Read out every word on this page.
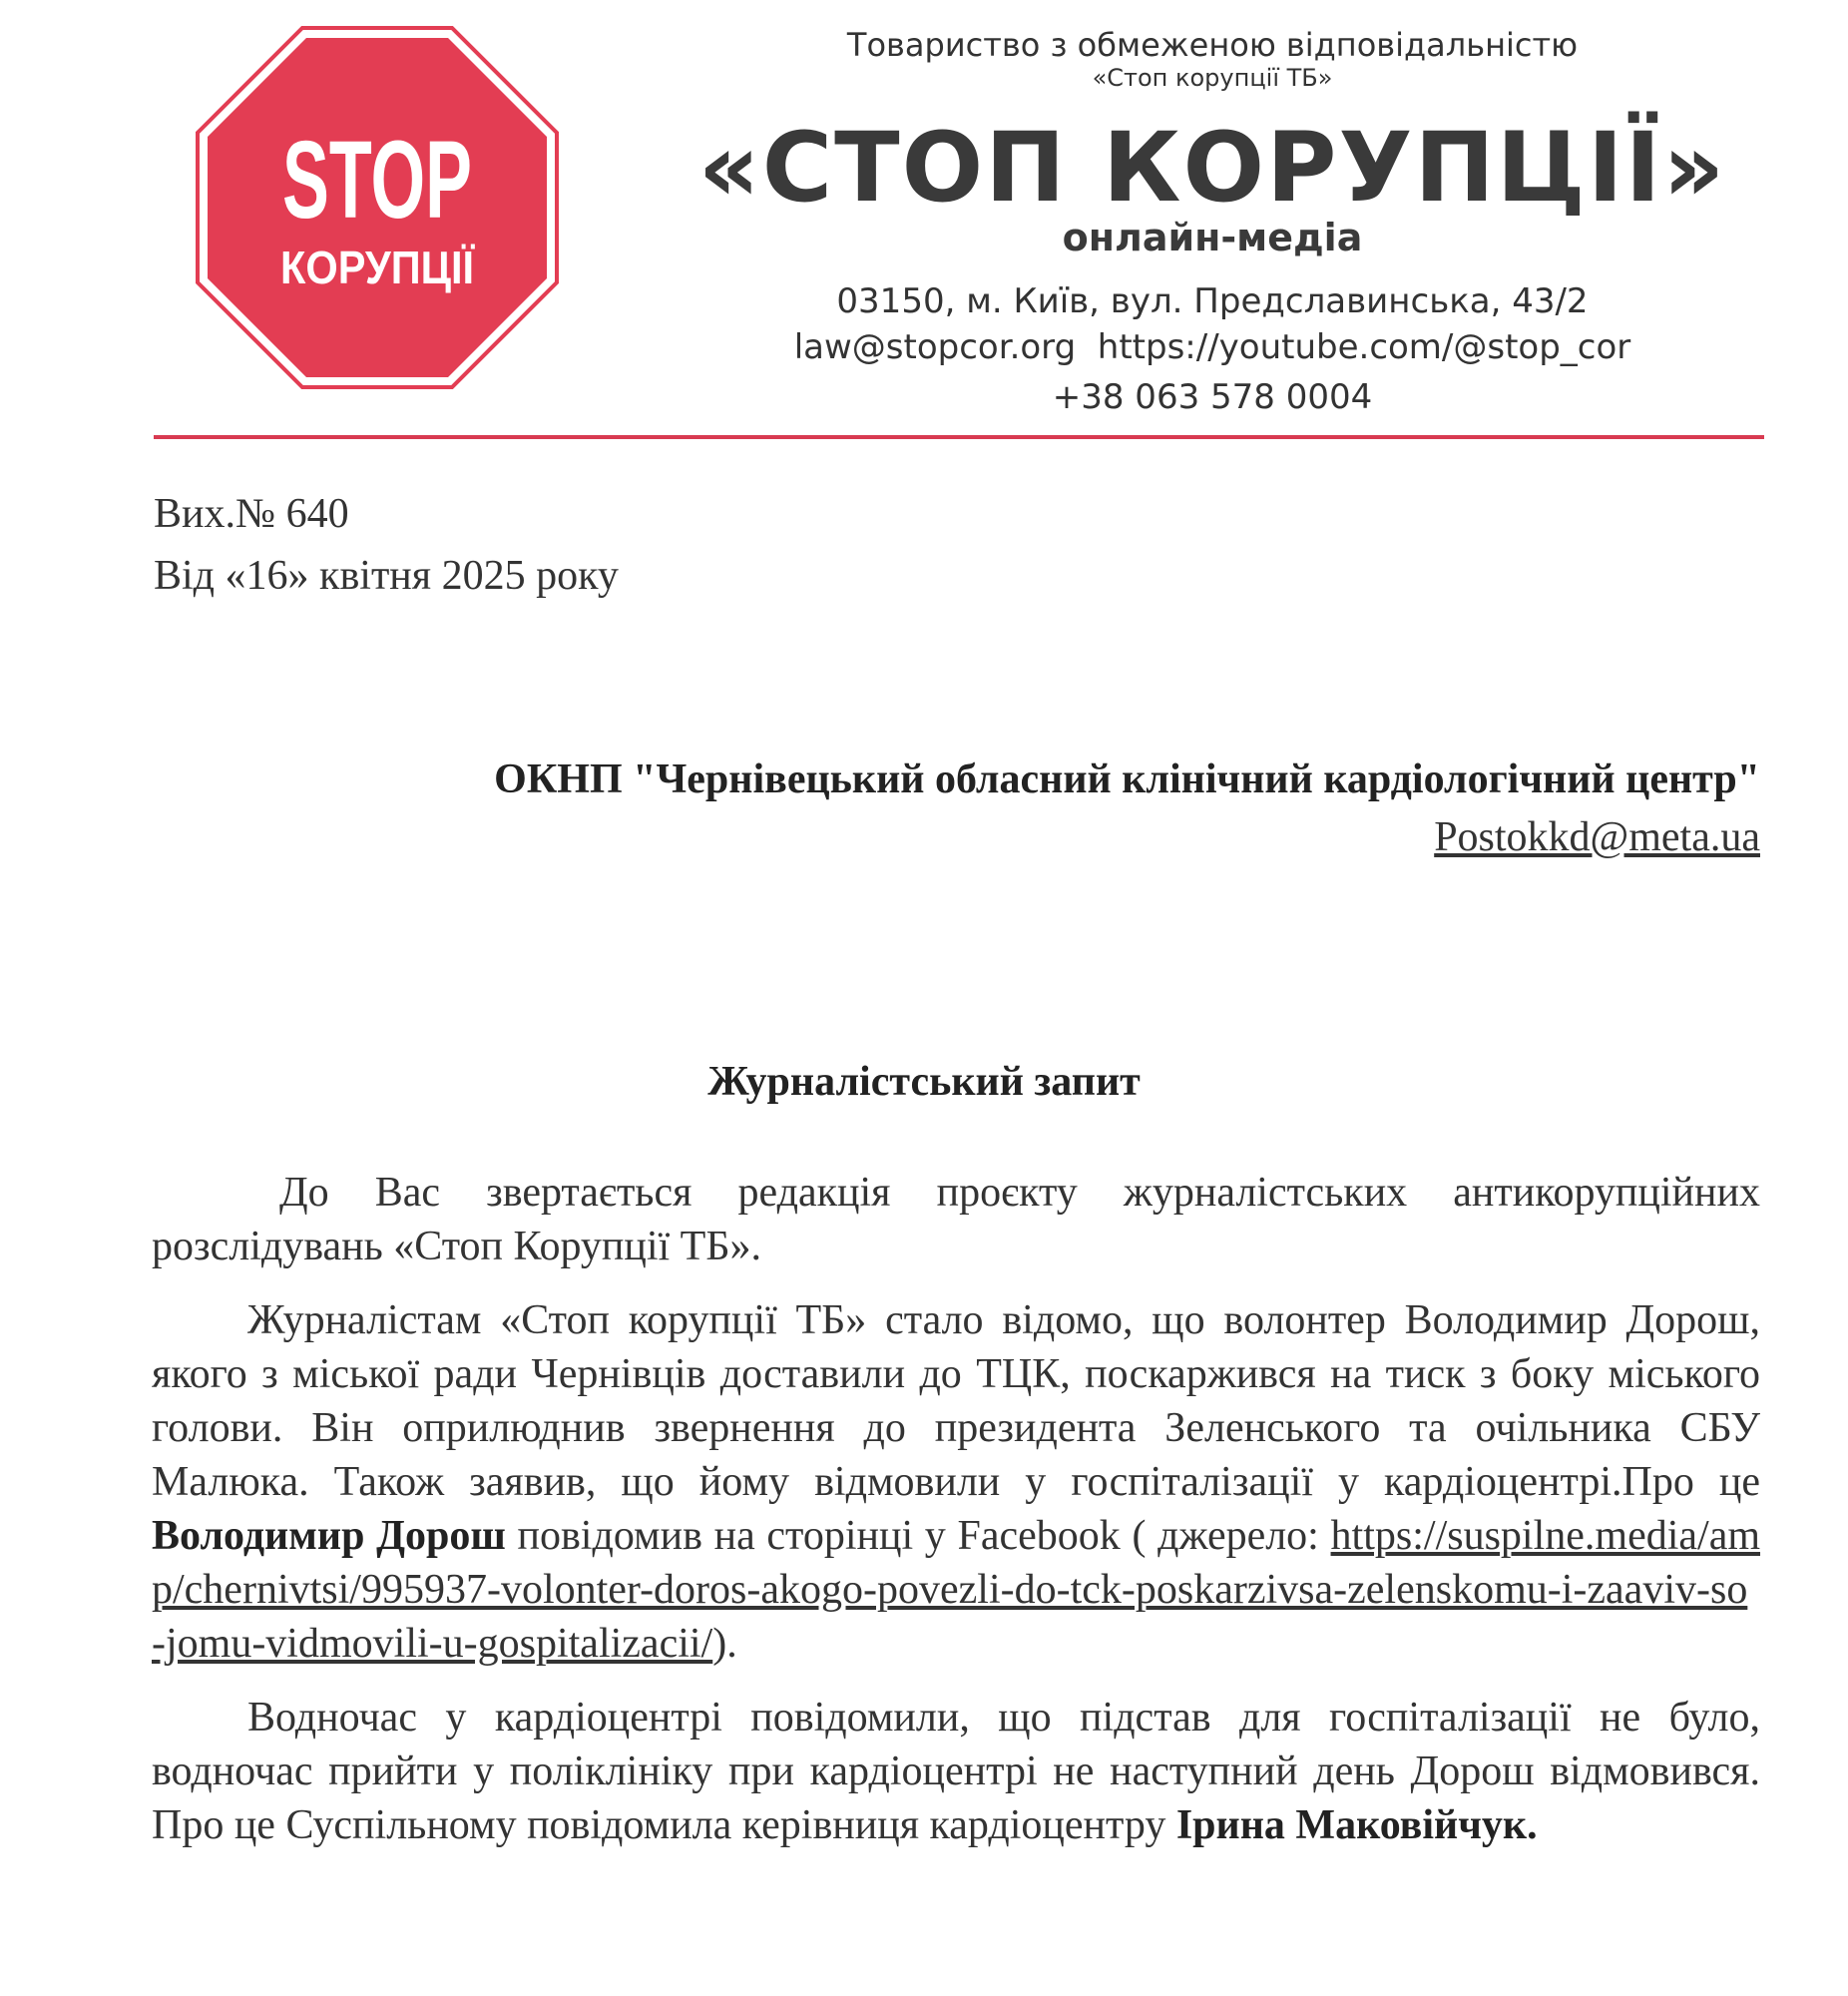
STOP
КОРУПЦІЇ
Товариство з обмеженою відповідальністю
«Стоп корупції ТБ»
«СТОП КОРУПЦІЇ»
онлайн-медіа
03150, м. Київ, вул. Предславинська, 43/2
law@stopcor.org https://youtube.com/@stop_cor
+38 063 578 0004
Вих.№ 640
Від «16» квітня 2025 року
ОКНП "Чернівецький обласний клінічний кардіологічний центр"
Postokkd@meta.ua
Журналістський запит

До Вас звертається редакція проєкту журналістських антикорупційних розслідувань «Стоп Корупції ТБ».

Журналістам «Стоп корупції ТБ» стало відомо, що волонтер Володимир Дорош, якого з міської ради Чернівців доставили до ТЦК, поскаржився на тиск з боку міського голови. Він оприлюднив звернення до президента Зеленського та очільника СБУ Малюка. Також заявив, що йому відмовили у госпіталізації у кардіоцентрі.Про це Володимир Дорош повідомив на сторінці у Facebook ( джерело: https://suspilne.media/amp/chernivtsi/995937-volonter-doros-akogo-povezli-do-tck-poskarzivsa-zelenskomu-i-zaaviv-so-jomu-vidmovili-u-gospitalizacii/).

Водночас у кардіоцентрі повідомили, що підстав для госпіталізації не було, водночас прийти у поліклініку при кардіоцентрі не наступний день Дорош відмовився. Про це Суспільному повідомила керівниця кардіоцентру Ірина Маковійчук.
